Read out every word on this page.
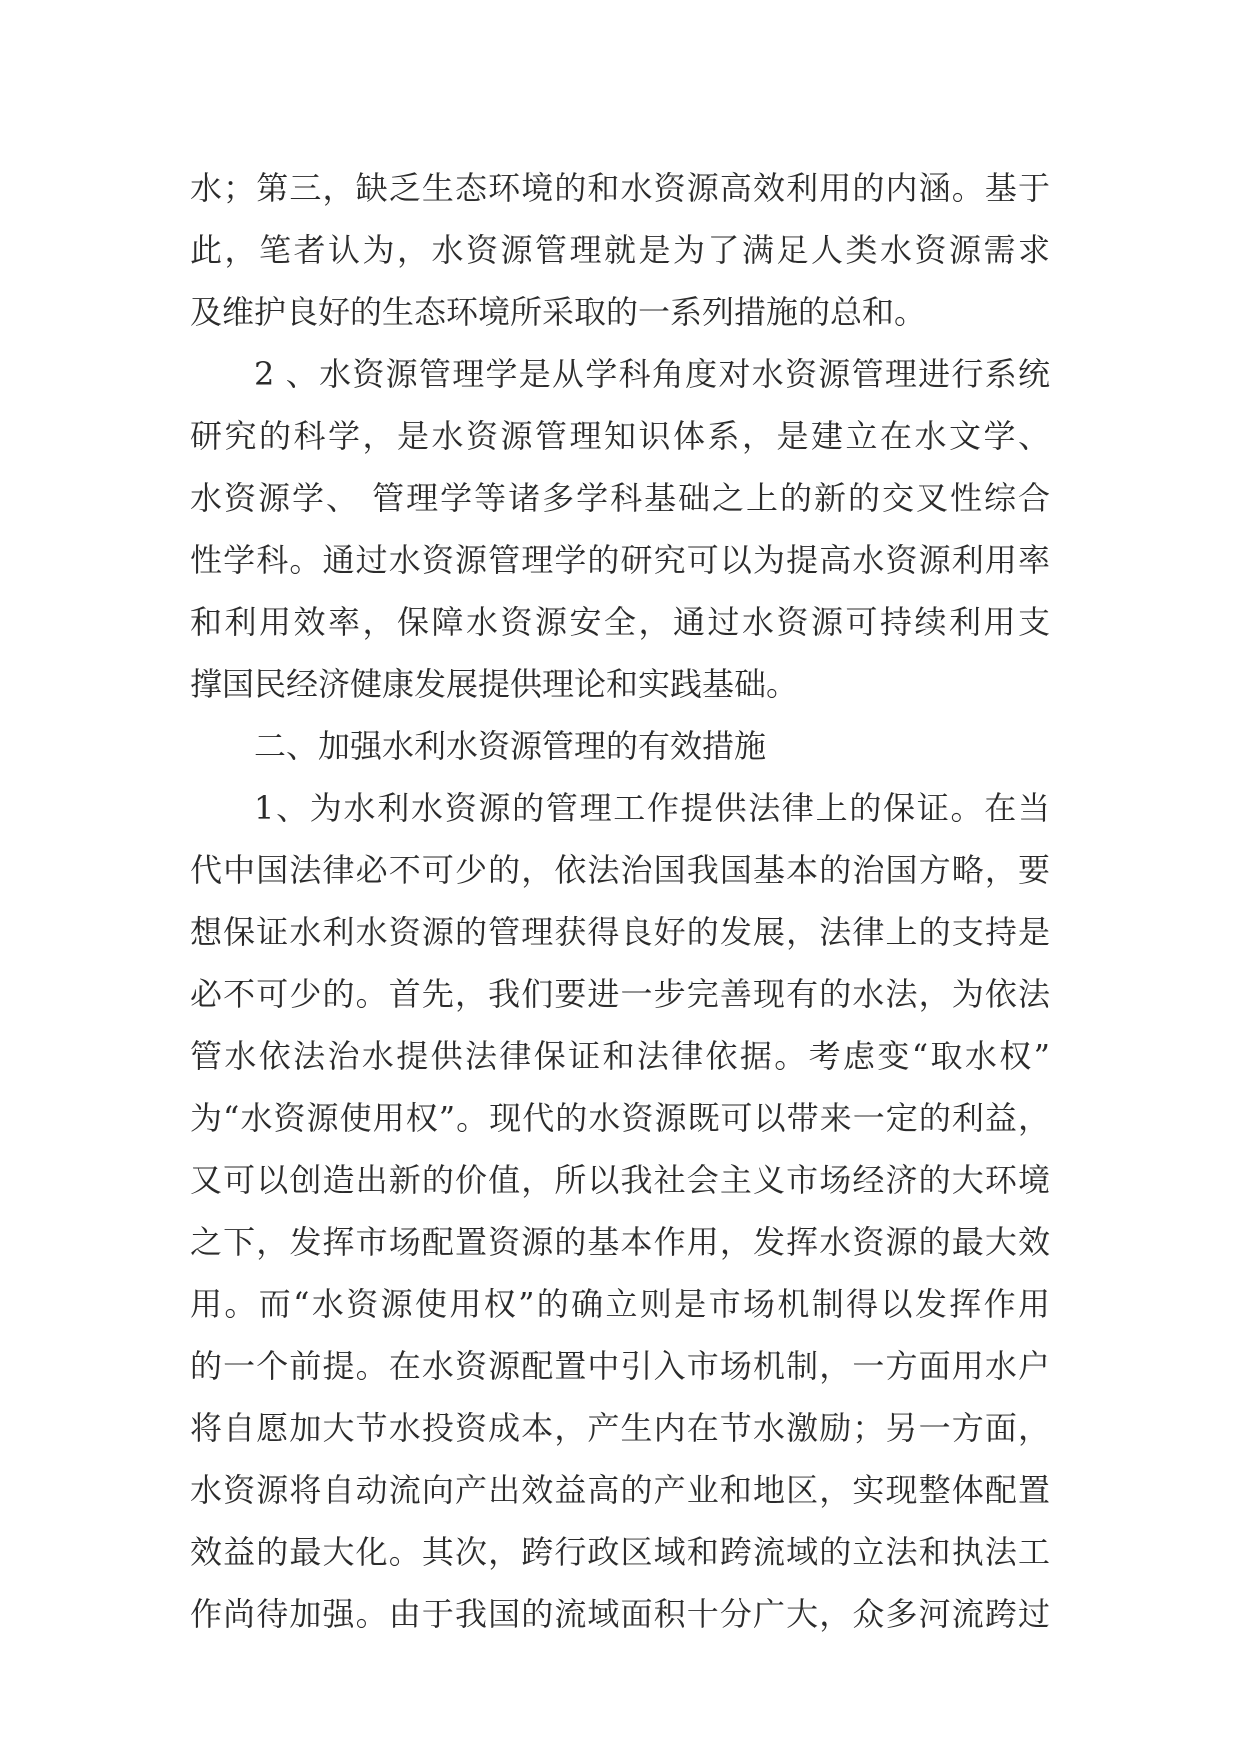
水；第三，缺乏生态环境的和水资源高效利用的内涵。基于
此，笔者认为，水资源管理就是为了满足人类水资源需求
及维护良好的生态环境所采取的一系列措施的总和。
2 、水资源管理学是从学科角度对水资源管理进行系统
研究的科学，是水资源管理知识体系，是建立在水文学、
水资源学、 管理学等诸多学科基础之上的新的交叉性综合
性学科。通过水资源管理学的研究可以为提高水资源利用率
和利用效率，保障水资源安全，通过水资源可持续利用支
撑国民经济健康发展提供理论和实践基础。
二、加强水利水资源管理的有效措施
1、为水利水资源的管理工作提供法律上的保证。在当
代中国法律必不可少的，依法治国我国基本的治国方略，要
想保证水利水资源的管理获得良好的发展，法律上的支持是
必不可少的。首先，我们要进一步完善现有的水法，为依法
管水依法治水提供法律保证和法律依据。考虑变“取水权”
为“水资源使用权”。现代的水资源既可以带来一定的利益，
又可以创造出新的价值，所以我社会主义市场经济的大环境
之下，发挥市场配置资源的基本作用，发挥水资源的最大效
用。而“水资源使用权”的确立则是市场机制得以发挥作用
的一个前提。在水资源配置中引入市场机制，一方面用水户
将自愿加大节水投资成本，产生内在节水激励；另一方面，
水资源将自动流向产出效益高的产业和地区，实现整体配置
效益的最大化。其次，跨行政区域和跨流域的立法和执法工
作尚待加强。由于我国的流域面积十分广大，众多河流跨过
